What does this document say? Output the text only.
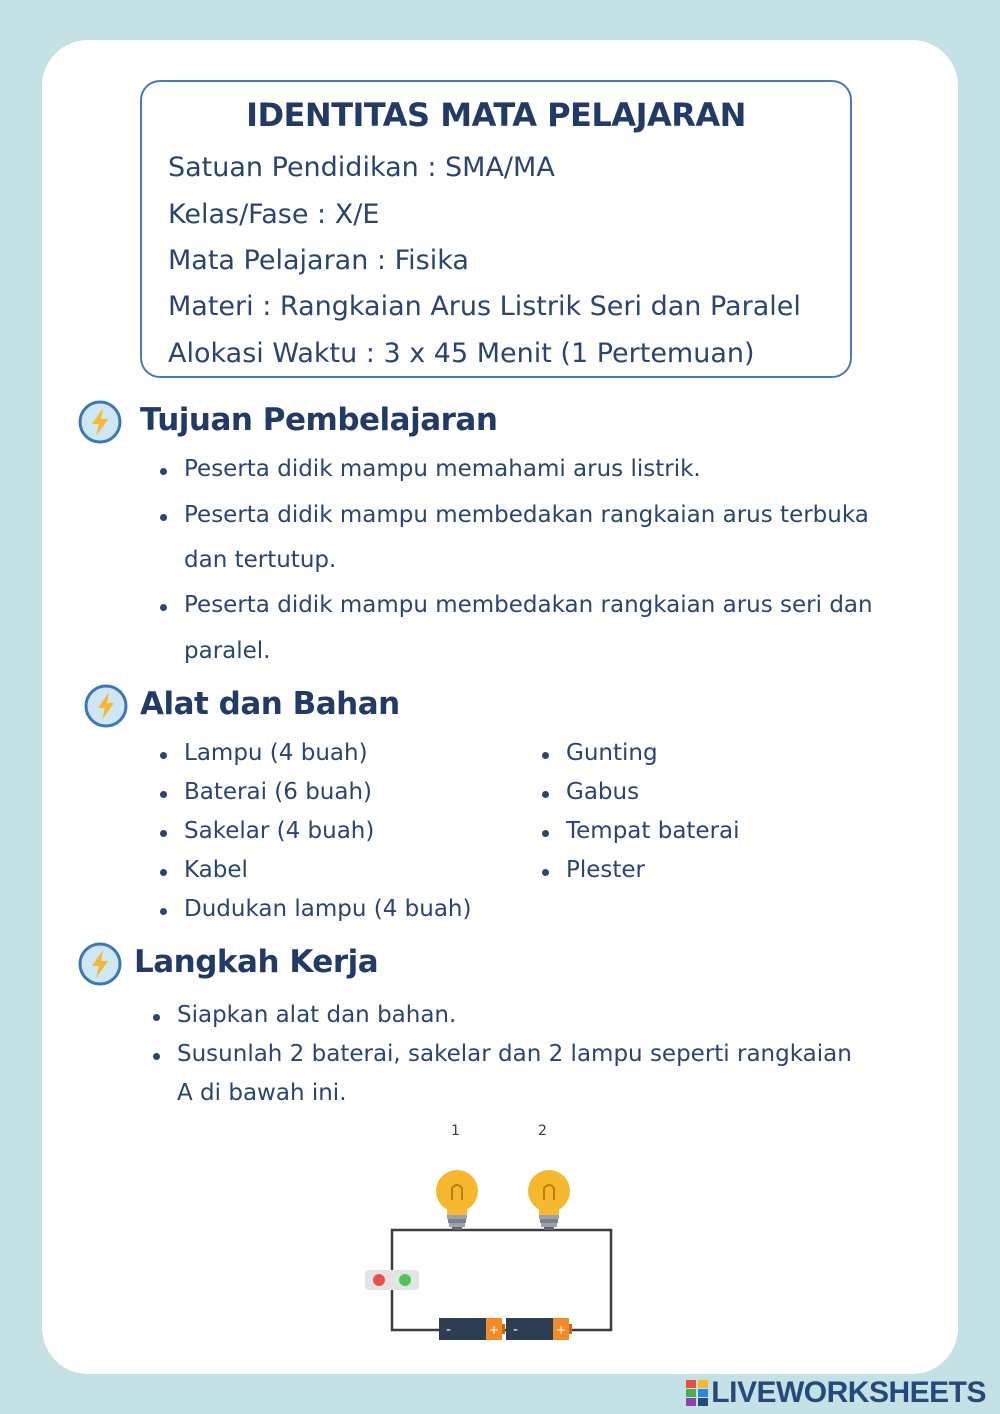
IDENTITAS MATA PELAJARAN
Satuan Pendidikan : SMA/MA
Kelas/Fase : X/E
Mata Pelajaran : Fisika
Materi : Rangkaian Arus Listrik Seri dan Paralel
Alokasi Waktu : 3 x 45 Menit (1 Pertemuan)
Tujuan Pembelajaran
Peserta didik mampu memahami arus listrik.
Peserta didik mampu membedakan rangkaian arus terbuka
dan tertutup.
Peserta didik mampu membedakan rangkaian arus seri dan
paralel.
Alat dan Bahan
Lampu (4 buah)
Baterai (6 buah)
Sakelar (4 buah)
Kabel
Dudukan lampu (4 buah)
Gunting
Gabus
Tempat baterai
Plester
Langkah Kerja
Siapkan alat dan bahan.
Susunlah 2 baterai, sakelar dan 2 lampu seperti rangkaian
A di bawah ini.
1	2
-	+ -	+
LIVEWORKSHEETS
